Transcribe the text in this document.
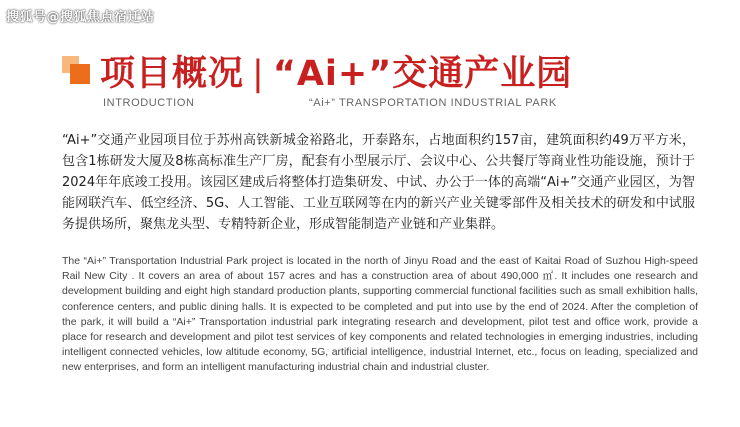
搜狐号@搜狐焦点宿迁站
项目概况 | “Ai+”交通产业园
INTRODUCTION	“Ai+” TRANSPORTATION INDUSTRIAL PARK

“Ai+”交通产业园项目位于苏州高铁新城金裕路北，开泰路东，占地面积约157亩，建筑面积约49万平方米，包含1栋研发大厦及8栋高标准生产厂房，配套有小型展示厅、会议中心、公共餐厅等商业性功能设施，预计于2024年年底竣工投用。该园区建成后将整体打造集研发、中试、办公于一体的高端“Ai+”交通产业园区，为智能网联汽车、低空经济、5G、人工智能、工业互联网等在内的新兴产业关键零部件及相关技术的研发和中试服务提供场所，聚焦龙头型、专精特新企业，形成智能制造产业链和产业集群。

The “Ai+” Transportation Industrial Park project is located in the north of Jinyu Road and the east of Kaitai Road of Suzhou High-speed Rail New City . It covers an area of about 157 acres and has a construction area of about 490,000 ㎡. It includes one research and development building and eight high standard production plants, supporting commercial functional facilities such as small exhibition halls, conference centers, and public dining halls. It is expected to be completed and put into use by the end of 2024. After the completion of the park, it will build a “Ai+” Transportation industrial park integrating research and development, pilot test and office work, provide a place for research and development and pilot test services of key components and related technologies in emerging industries, including intelligent connected vehicles, low altitude economy, 5G, artificial intelligence, industrial Internet, etc., focus on leading, specialized and new enterprises, and form an intelligent manufacturing industrial chain and industrial cluster.
